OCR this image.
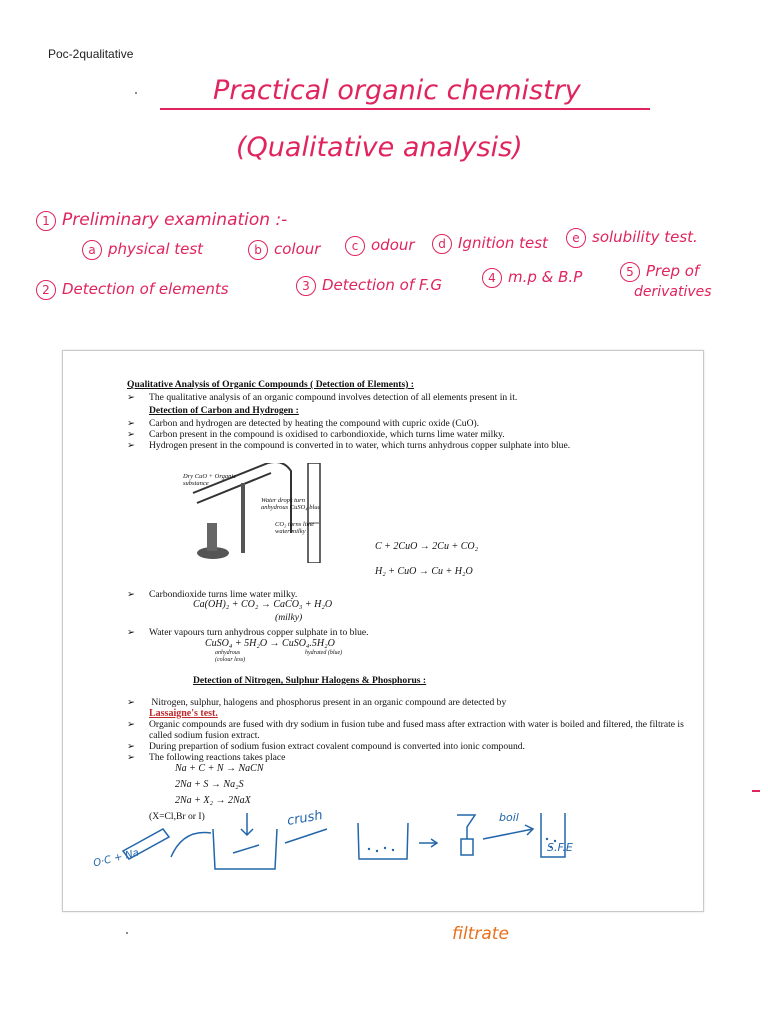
Poc-2qualitative
Practical organic chemistry
(Qualitative analysis)
1 Preliminary examination :-
a physical test	b colour	c odour	d Ignition test	e solubility test.
2 Detection of elements	3 Detection of F.G	4 m.p & B.P	5 Prep of
derivatives
Qualitative Analysis of Organic Compounds ( Detection of Elements) :
➢ The qualitative analysis of an organic compound involves detection of all elements present in it.
Detection of Carbon and Hydrogen :
➢ Carbon and hydrogen are detected by heating the compound with cupric oxide (CuO).
➢ Carbon present in the compound is oxidised to carbondioxide, which turns lime water milky.
➢ Hydrogen present in the compound is converted in to water, which turns anhydrous copper sulphate into blue.
Dry CuO + Organic substance
Water drops turn anhydrous CuSO₄ blue
CO₂ turns lime water milky
C + 2CuO → 2Cu + CO₂
H₂ + CuO → Cu + H₂O
➢ Carbondioxide turns lime water milky.
Ca(OH)₂ + CO₂ → CaCO₃ + H₂O
(milky)
➢ Water vapours turn anhydrous copper sulphate in to blue.
CuSO₄ + 5H₂O → CuSO₄.5H₂O
anhydrous (colour less)
hydrated (blue)
Detection of Nitrogen, Sulphur Halogens & Phosphorus :
➢ Nitrogen, sulphur, halogens and phosphorus present in an organic compound are detected by
Lassaigne's test.
➢ Organic compounds are fused with dry sodium in fusion tube and fused mass after extraction with water is boiled and filtered, the filtrate is called sodium fusion extract.
➢ During prepartion of sodium fusion extract covalent compound is converted into ionic compound.
➢ The following reactions takes place
Na + C + N → NaCN
2Na + S → Na₂S
2Na + X₂ → 2NaX
(X=Cl,Br or I)
O·C + Na
crush	boil
S.F.E
filtrate
